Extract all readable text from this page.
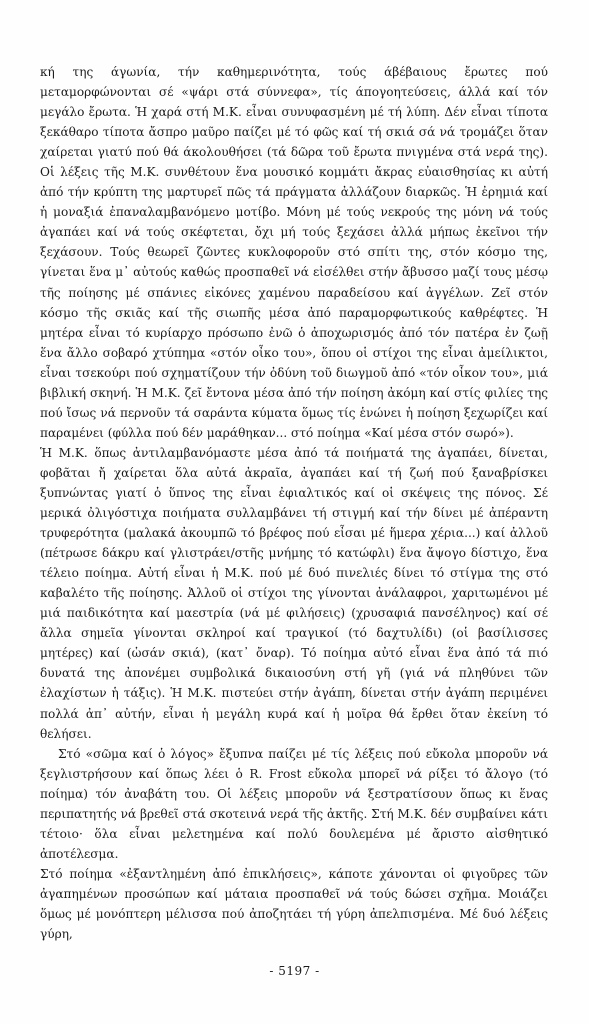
κή της άγωνία, τήν καθημερινότητα, τούς άβέβαιους ἔρωτες πού μεταμορφώνονται σέ «ψάρι στά σύννεφα», τίς άπογοητεύσεις, άλλά καί τόν μεγάλο ἔρωτα. Ἡ χαρά στή Μ.Κ. εἶναι συνυφασμένη μέ τή λύπη. Δέν εἶναι τίποτα ξεκάθαρο τίποτα ἄσπρο μαῦρο παίζει μέ τό φῶς καί τή σκιά σά νά τρομάζει ὅταν χαίρεται γιατύ πού θά άκολουθήσει (τά δῶρα τοῦ ἔρωτα πνιγμένα στά νερά της). Οἱ λέξεις τῆς Μ.Κ. συνθέτουν ἕνα μουσικό κομμάτι ἄκρας εὐαισθησίας κι αὐτή ἀπό τήν κρύπτη της μαρτυρεῖ πῶς τά πράγματα ἀλλάζουν διαρκῶς. Ἡ ἐρημιά καί ἡ μοναξιά ἐπαναλαμβανόμενο μοτίβο. Μόνη μέ τούς νεκρούς της μόνη νά τούς ἀγαπάει καί νά τούς σκέφτεται, ὄχι μή τούς ξεχάσει ἀλλά μήπως ἐκεῖνοι τήν ξεχάσουν. Τούς θεωρεῖ ζῶντες κυκλοφοροῦν στό σπίτι της, στόν κόσμο της, γίνεται ἕνα μ᾽ αὐτούς καθώς προσπαθεῖ νά εἰσέλθει στήν ἄβυσσο μαζί τους μέσῳ τῆς ποίησης μέ σπάνιες εἰκόνες χαμένου παραδείσου καί ἀγγέλων. Ζεῖ στόν κόσμο τῆς σκιᾶς καί τῆς σιωπῆς μέσα ἀπό παραμορφωτικούς καθρέφτες. Ἡ μητέρα εἶναι τό κυρίαρχο πρόσωπο ἐνῶ ὁ ἀποχωρισμός ἀπό τόν πατέρα ἐν ζωῇ ἕνα ἄλλο σοβαρό χτύπημα «στόν οἶκο του», ὅπου οἱ στίχοι της εἶναι ἀμείλικτοι, εἶναι τσεκούρι πού σχηματίζουν τήν ὀδύνη τοῦ διωγμοῦ ἀπό «τόν οἶκον του», μιά βιβλική σκηνή. Ἡ Μ.Κ. ζεῖ ἔντονα μέσα ἀπό τήν ποίηση ἀκόμη καί στίς φιλίες της πού ἴσως νά περνοῦν τά σαράντα κύματα ὅμως τίς ἑνώνει ἡ ποίηση ξεχωρίζει καί παραμένει (φύλλα πού δέν μαράθηκαν... στό ποίημα «Καί μέσα στόν σωρό»).

Ἡ Μ.Κ. ὅπως ἀντιλαμβανόμαστε μέσα ἀπό τά ποιήματά της ἀγαπάει, δίνεται, φοβᾶται ἤ χαίρεται ὅλα αὐτά ἀκραῖα, ἀγαπάει καί τή ζωή πού ξαναβρίσκει ξυπνώντας γιατί ὁ ὕπνος της εἶναι ἐφιαλτικός καί οἱ σκέψεις της πόνος. Σέ μερικά ὀλιγόστιχα ποιήματα συλλαμβάνει τή στιγμή καί τήν δίνει μέ ἀπέραντη τρυφερότητα (μαλακά ἀκουμπῶ τό βρέφος πού εἶσαι μέ ἥμερα χέρια...) καί ἀλλοῦ (πέτρωσε δάκρυ καί γλιστράει/στῆς μνήμης τό κατώφλι) ἕνα ἄψογο δίστιχο, ἕνα τέλειο ποίημα. Αὐτή εἶναι ἡ Μ.Κ. πού μέ δυό πινελιές δίνει τό στίγμα της στό καβαλέτο τῆς ποίησης. Ἀλλοῦ οἱ στίχοι της γίνονται ἀνάλαφροι, χαριτωμένοι μέ μιά παιδικότητα καί μαεστρία (νά μέ φιλήσεις) (χρυσαφιά πανσέληνος) καί σέ ἄλλα σημεῖα γίνονται σκληροί καί τραγικοί (τό δαχτυλίδι) (οἱ βασίλισσες μητέρες) καί (ὡσάν σκιά), (κατ᾽ ὄναρ). Τό ποίημα αὐτό εἶναι ἕνα ἀπό τά πιό δυνατά της ἀπονέμει συμβολικά δικαιοσύνη στή γῆ (γιά νά πληθύνει τῶν ἐλαχίστων ἡ τάξις). Ἡ Μ.Κ. πιστεύει στήν ἀγάπη, δίνεται στήν ἀγάπη περιμένει πολλά ἀπ᾽ αὐτήν, εἶναι ἡ μεγάλη κυρά καί ἡ μοῖρα θά ἔρθει ὅταν ἐκείνη τό θελήσει.

Στό «σῶμα καί ὁ λόγος» ἔξυπνα παίζει μέ τίς λέξεις πού εὔκολα μποροῦν νά ξεγλιστρήσουν καί ὅπως λέει ὁ R. Frost εὔκολα μπορεῖ νά ρίξει τό ἄλογο (τό ποίημα) τόν ἀναβάτη του. Οἱ λέξεις μποροῦν νά ξεστρατίσουν ὅπως κι ἕνας περιπατητής νά βρεθεῖ στά σκοτεινά νερά τῆς ἀκτῆς. Στή Μ.Κ. δέν συμβαίνει κάτι τέτοιο· ὅλα εἶναι μελετημένα καί πολύ δουλεμένα μέ ἄριστο αἰσθητικό ἀποτέλεσμα.

Στό ποίημα «ἐξαντλημένη ἀπό ἐπικλήσεις», κάποτε χάνονται οἱ φιγοῦρες τῶν ἀγαπημένων προσώπων καί μάταια προσπαθεῖ νά τούς δώσει σχῆμα. Μοιάζει ὅμως μέ μονόπτερη μέλισσα πού ἀποζητάει τή γύρη ἀπελπισμένα. Μέ δυό λέξεις γύρη,

- 5197 -
